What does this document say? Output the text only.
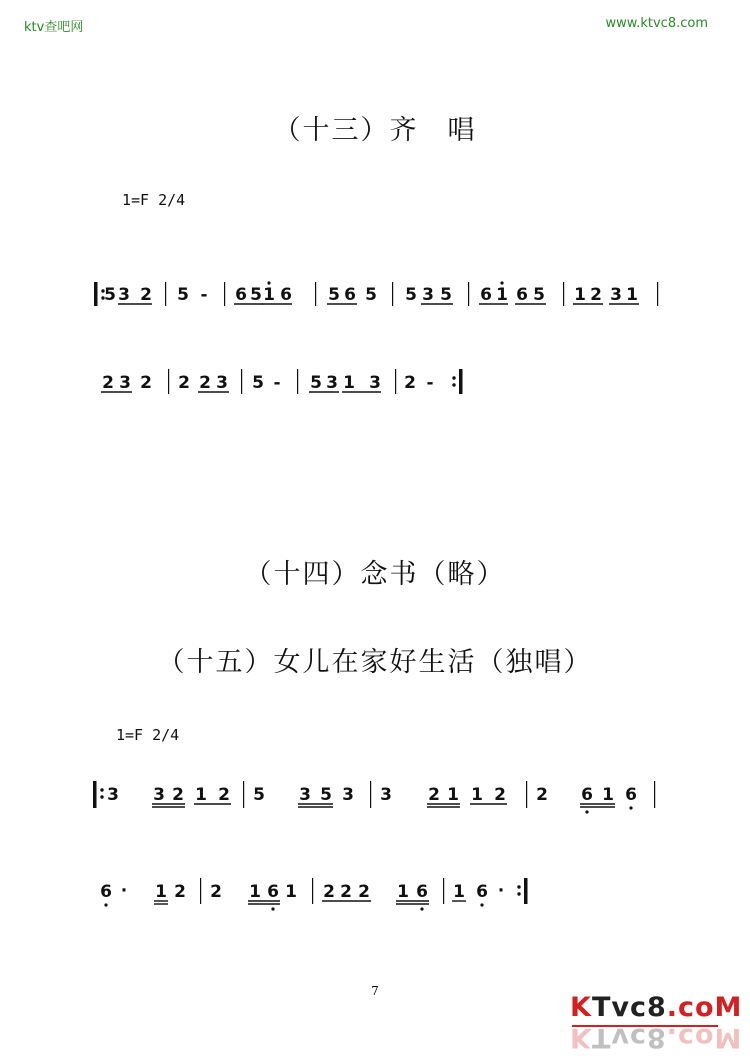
ktv查吧网	www.ktvc8.com
（十三）齐　唱
1=F 2/4
（十四）念书（略）
（十五）女儿在家好生活（独唱）
1=F 2/4
5 3 2 5 - 6 5 1 6 5 6 5 5 3 5 6 1 6 5 1 2 3 1
2 3 2 2 2 3 5 - 5 3 1 3 2 -
3 3 2 1 2 5 3 5 3 3 2 1 1 2 2 6 1 6
6 · 1 2 2 1 6 1 2 2 2 1 6 1 6 ·
7
KTvc8.coM
KTvc8.coM
